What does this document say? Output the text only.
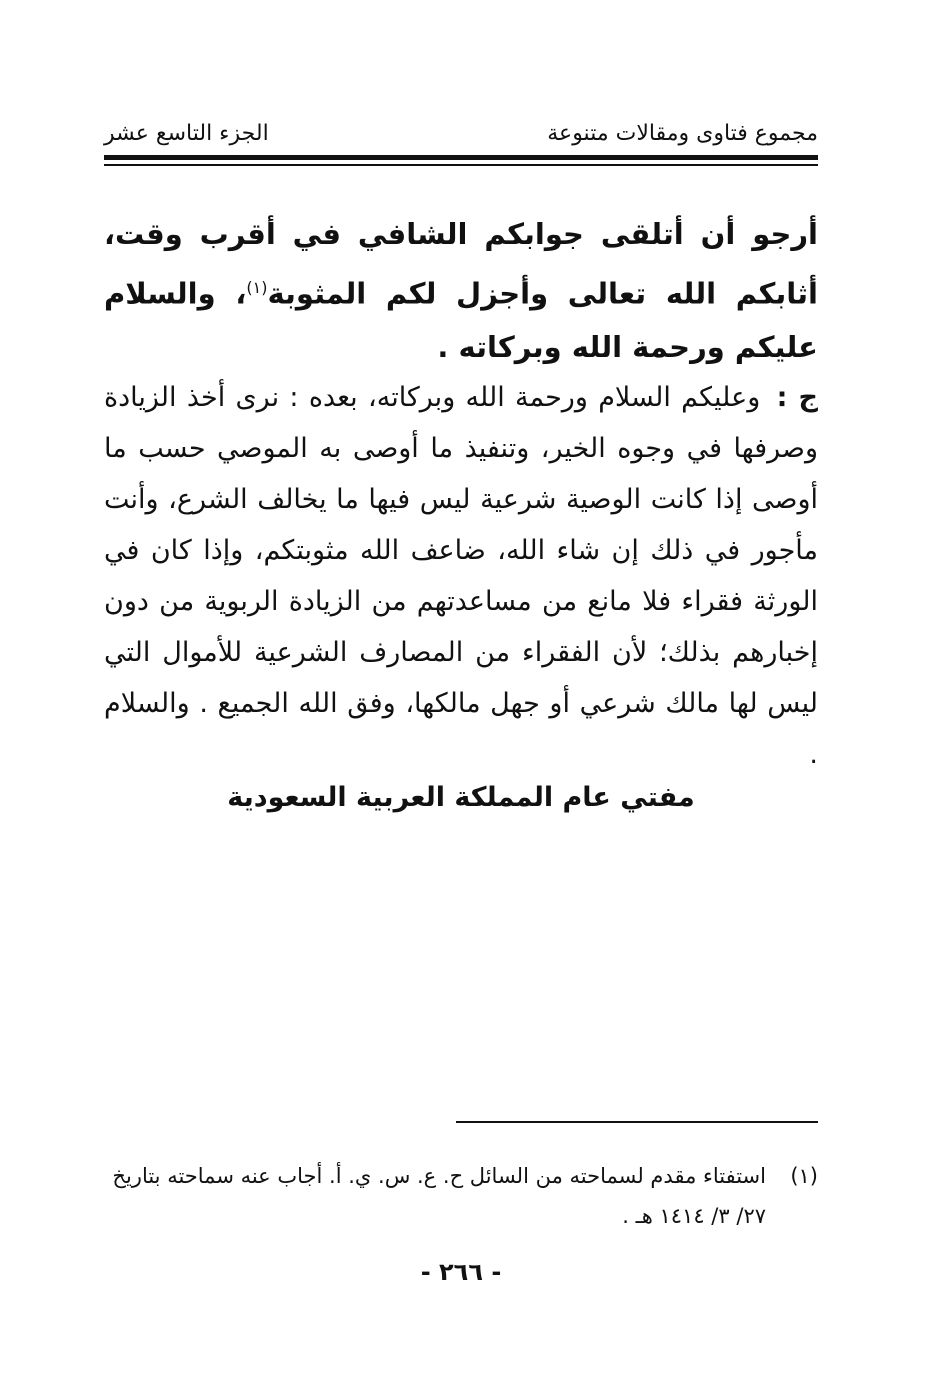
مجموع فتاوى ومقالات متنوعة
الجزء التاسع عشر
أرجو أن أتلقى جوابكم الشافي في أقرب وقت، أثابكم الله تعالى وأجزل لكم المثوبة$^{(١)}$، والسلام عليكم ورحمة الله وبركاته .
ج : وعليكم السلام ورحمة الله وبركاته، بعده : نرى أخذ الزيادة وصرفها في وجوه الخير، وتنفيذ ما أوصى به الموصي حسب ما أوصى إذا كانت الوصية شرعية ليس فيها ما يخالف الشرع، وأنت مأجور في ذلك إن شاء الله، ضاعف الله مثوبتكم، وإذا كان في الورثة فقراء فلا مانع من مساعدتهم من الزيادة الربوية من دون إخبارهم بذلك؛ لأن الفقراء من المصارف الشرعية للأموال التي ليس لها مالك شرعي أو جهل مالكها، وفق الله الجميع . والسلام .
مفتي عام المملكة العربية السعودية
(١)
استفتاء مقدم لسماحته من السائل ح. ع. س. ي. أ. أجاب عنه سماحته بتاريخ ٢٧/ ٣/ ١٤١٤ هـ .
- ٢٦٦ -
